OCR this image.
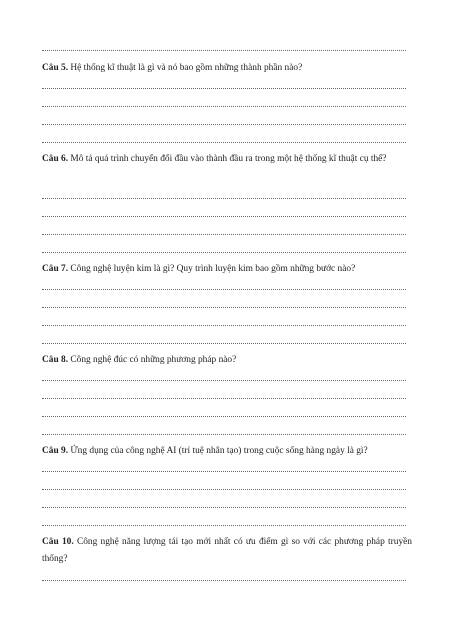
Câu 5. Hệ thống kĩ thuật là gì và nó bao gồm những thành phần nào?

Câu 6. Mô tả quá trình chuyển đổi đầu vào thành đầu ra trong một hệ thống kĩ thuật cụ thể?

Câu 7. Công nghệ luyện kim là gì? Quy trình luyện kim bao gồm những bước nào?

Câu 8. Công nghệ đúc có những phương pháp nào?

Câu 9. Ứng dụng của công nghệ AI (trí tuệ nhân tạo) trong cuộc sống hàng ngày là gì?

Câu 10. Công nghệ năng lượng tái tạo mới nhất có ưu điểm gì so với các phương pháp truyền thống?
